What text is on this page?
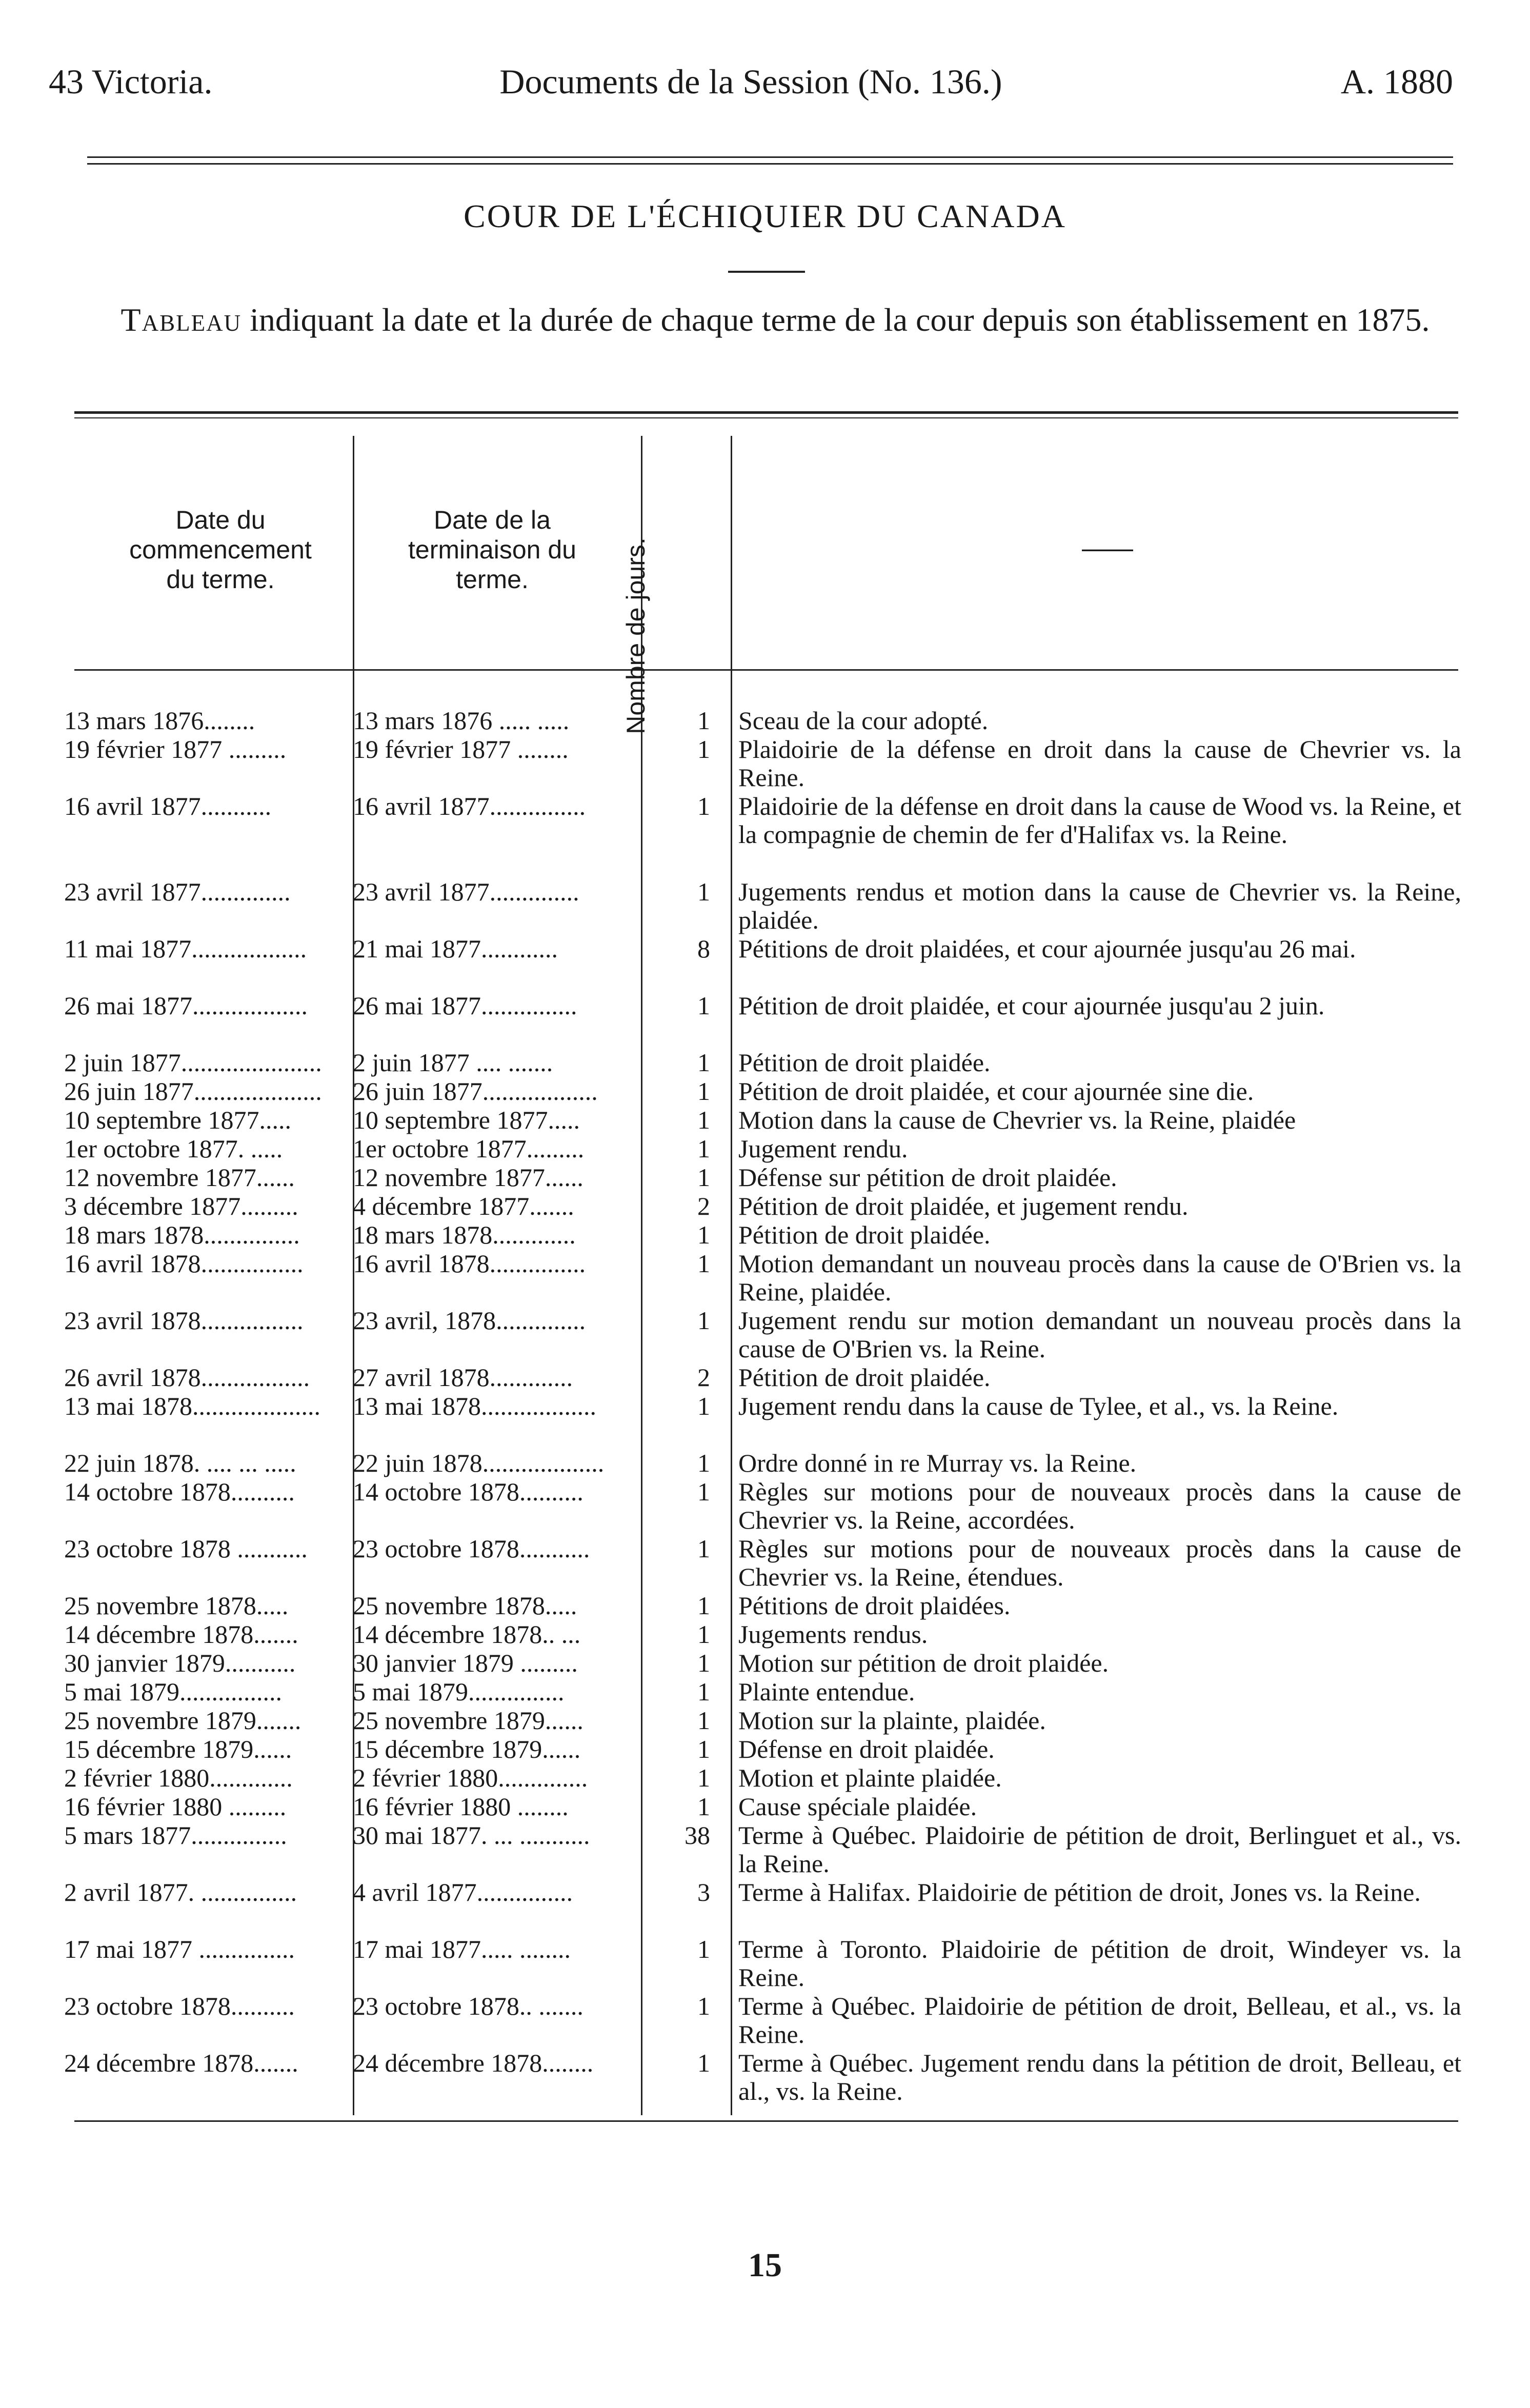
43 Victoria.	Documents de la Session (No. 136.)	A. 1880
COUR DE L'ÉCHIQUIER DU CANADA
Tableau indiquant la date et la durée de chaque terme de la cour depuis son établissement en 1875.
Date du commencement du terme.
Date de la terminaison du terme.	Nombre de jours.	——
13 mars 1876........	13 mars 1876 ..... .....	1 Sceau de la cour adopté.
19 février 1877 .........	19 février 1877 ........	1 Plaidoirie de la défense en droit dans la cause de Chevrier vs. la Reine.
16 avril 1877...........	16 avril 1877...............	1 Plaidoirie de la défense en droit dans la cause de Wood vs. la Reine, et la compagnie de chemin de fer d'Halifax vs. la Reine.
23 avril 1877..............	23 avril 1877..............	1 Jugements rendus et motion dans la cause de Chevrier vs. la Reine, plaidée.
11 mai 1877..................	21 mai 1877............	8 Pétitions de droit plaidées, et cour ajournée jusqu'au 26 mai.
26 mai 1877..................	26 mai 1877...............	1 Pétition de droit plaidée, et cour ajournée jusqu'au 2 juin.
2 juin 1877......................	2 juin 1877 .... .......	1 Pétition de droit plaidée.
26 juin 1877....................	26 juin 1877..................	1 Pétition de droit plaidée, et cour ajournée sine die.
10 septembre 1877.....	10 septembre 1877.....	1 Motion dans la cause de Chevrier vs. la Reine, plaidée
1er octobre 1877. .....	1er octobre 1877.........	1 Jugement rendu.
12 novembre 1877......	12 novembre 1877......	1 Défense sur pétition de droit plaidée.
3 décembre 1877.........	4 décembre 1877.......	2 Pétition de droit plaidée, et jugement rendu.
18 mars 1878...............	18 mars 1878.............	1 Pétition de droit plaidée.
16 avril 1878................	16 avril 1878...............	1 Motion demandant un nouveau procès dans la cause de O'Brien vs. la Reine, plaidée.
23 avril 1878................	23 avril, 1878..............	1 Jugement rendu sur motion demandant un nouveau procès dans la cause de O'Brien vs. la Reine.
26 avril 1878.................	27 avril 1878.............	2 Pétition de droit plaidée.
13 mai 1878....................	13 mai 1878..................	1 Jugement rendu dans la cause de Tylee, et al., vs. la Reine.
22 juin 1878. .... ... .....	22 juin 1878...................	1 Ordre donné in re Murray vs. la Reine.
14 octobre 1878..........	14 octobre 1878..........	1 Règles sur motions pour de nouveaux procès dans la cause de Chevrier vs. la Reine, accordées.
23 octobre 1878 ...........	23 octobre 1878...........	1 Règles sur motions pour de nouveaux procès dans la cause de Chevrier vs. la Reine, étendues.
25 novembre 1878.....	25 novembre 1878.....	1 Pétitions de droit plaidées.
14 décembre 1878.......	14 décembre 1878.. ...	1 Jugements rendus.
30 janvier 1879...........	30 janvier 1879 .........	1 Motion sur pétition de droit plaidée.
5 mai 1879................	5 mai 1879...............	1 Plainte entendue.
25 novembre 1879.......	25 novembre 1879......	1 Motion sur la plainte, plaidée.
15 décembre 1879......	15 décembre 1879......	1 Défense en droit plaidée.
2 février 1880.............	2 février 1880..............	1 Motion et plainte plaidée.
16 février 1880 .........	16 février 1880 ........	1 Cause spéciale plaidée.
5 mars 1877...............	30 mai 1877. ... ...........	38 Terme à Québec. Plaidoirie de pétition de droit, Berlinguet et al., vs. la Reine.
2 avril 1877. ...............	4 avril 1877...............	3 Terme à Halifax. Plaidoirie de pétition de droit, Jones vs. la Reine.
17 mai 1877 ...............	17 mai 1877..... ........	1 Terme à Toronto. Plaidoirie de pétition de droit, Windeyer vs. la Reine.
23 octobre 1878..........	23 octobre 1878.. .......	1 Terme à Québec. Plaidoirie de pétition de droit, Belleau, et al., vs. la Reine.
24 décembre 1878.......	24 décembre 1878........	1 Terme à Québec. Jugement rendu dans la pétition de droit, Belleau, et al., vs. la Reine.
15
